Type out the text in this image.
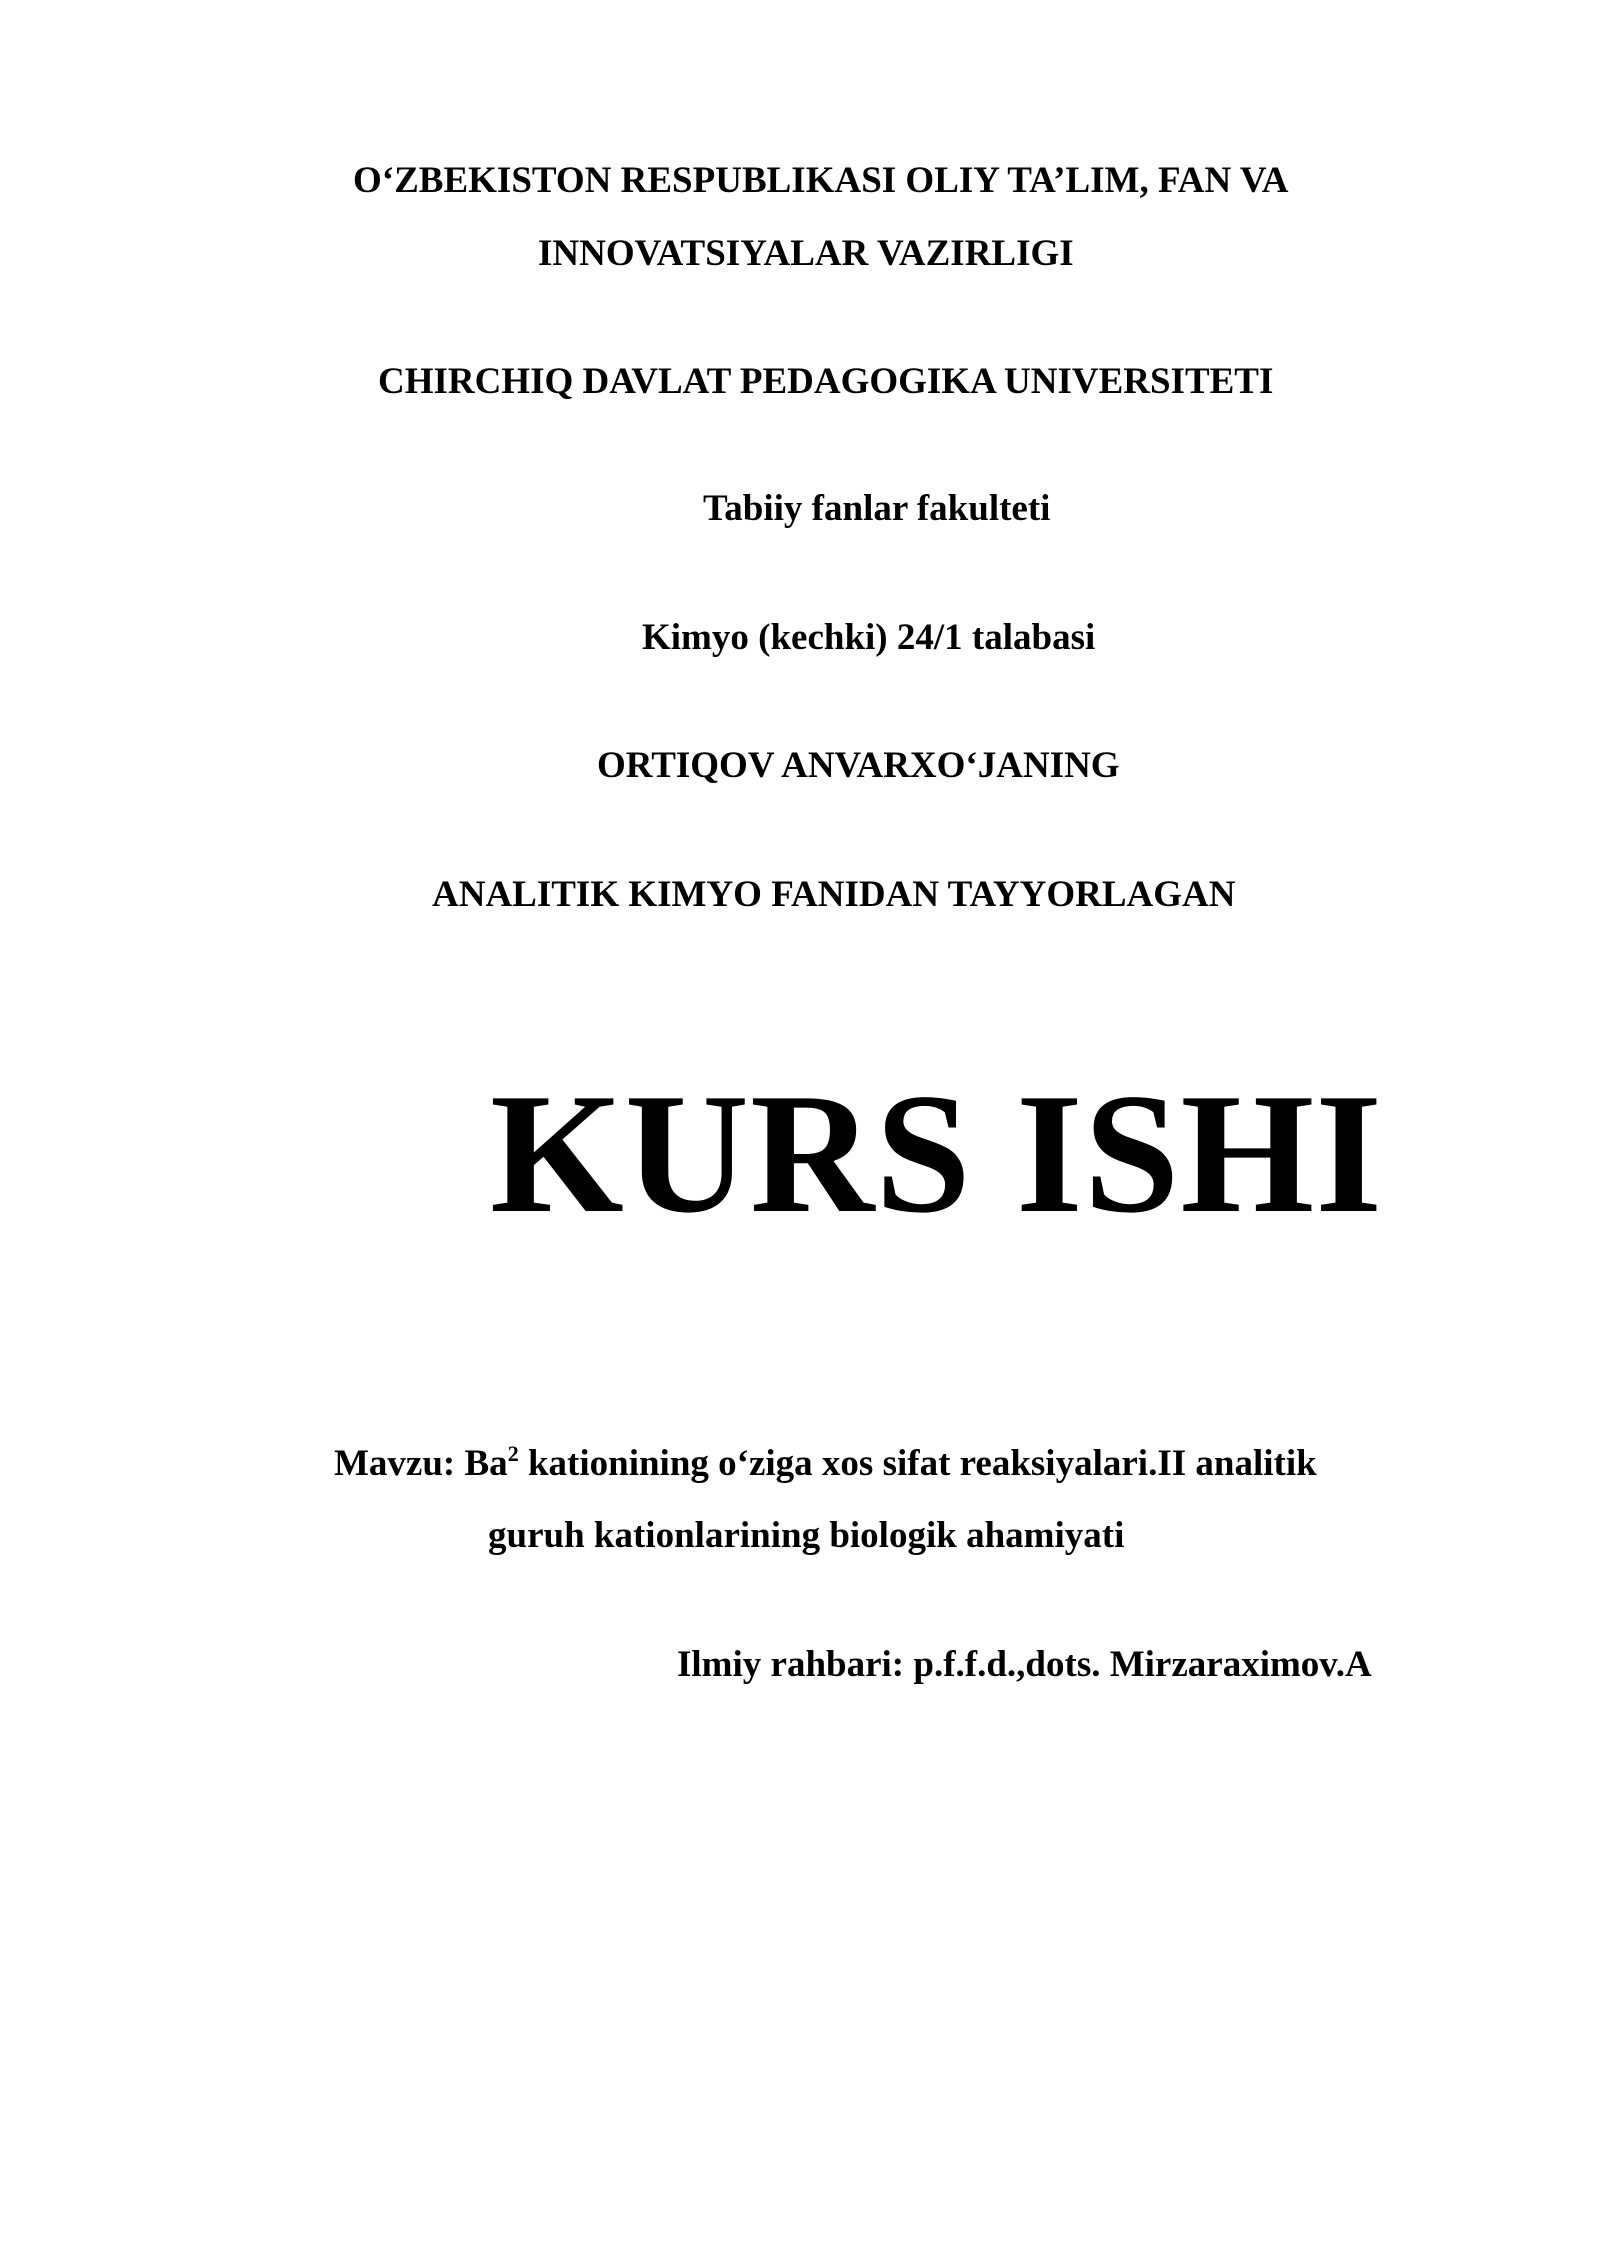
O‘ZBEKISTON RESPUBLIKASI OLIY TA’LIM, FAN VA

INNOVATSIYALAR VAZIRLIGI

CHIRCHIQ DAVLAT PEDAGOGIKA UNIVERSITETI

Tabiiy fanlar fakulteti

Kimyo (kechki) 24/1 talabasi

ORTIQOV ANVARXO‘JANING

ANALITIK KIMYO FANIDAN TAYYORLAGAN

KURS ISHI

Mavzu: Ba$^2$ kationining o‘ziga xos sifat reaksiyalari.II analitik

guruh kationlarining biologik ahamiyati

Ilmiy rahbari: p.f.f.d.,dots. Mirzaraximov.A
